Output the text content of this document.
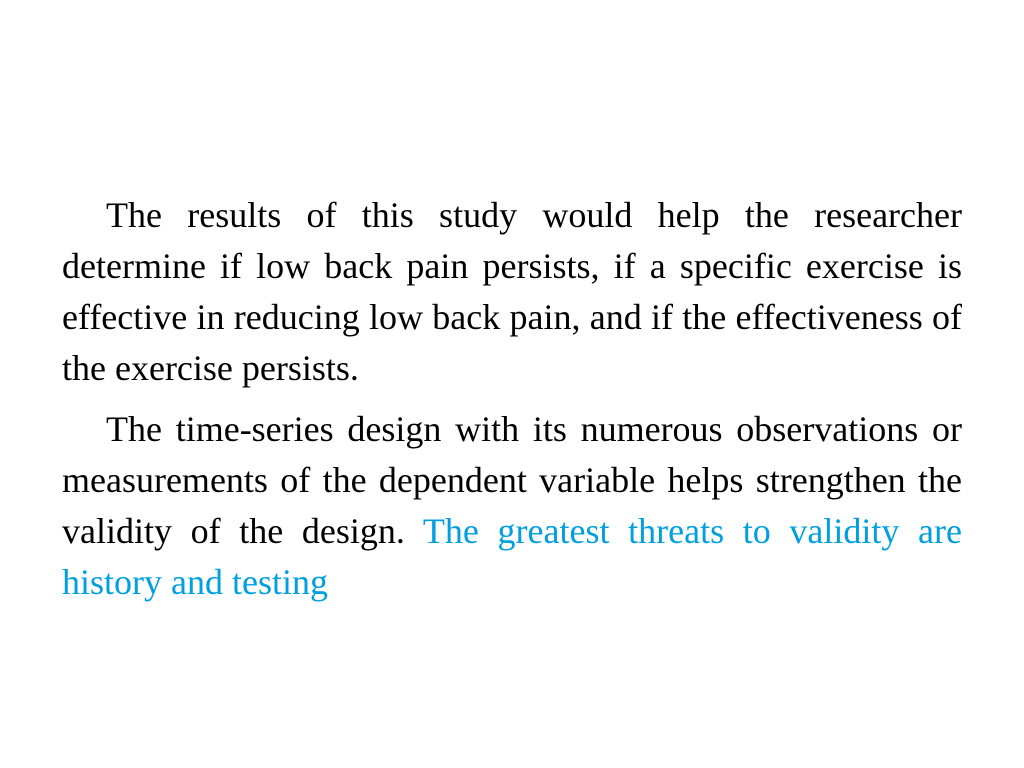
The results of this study would help the researcher determine if low back pain persists, if a specific exercise is effective in reducing low back pain, and if the effectiveness of the exercise persists.

The time-series design with its numerous observations or measurements of the dependent variable helps strengthen the validity of the design. The greatest threats to validity are history and testing
